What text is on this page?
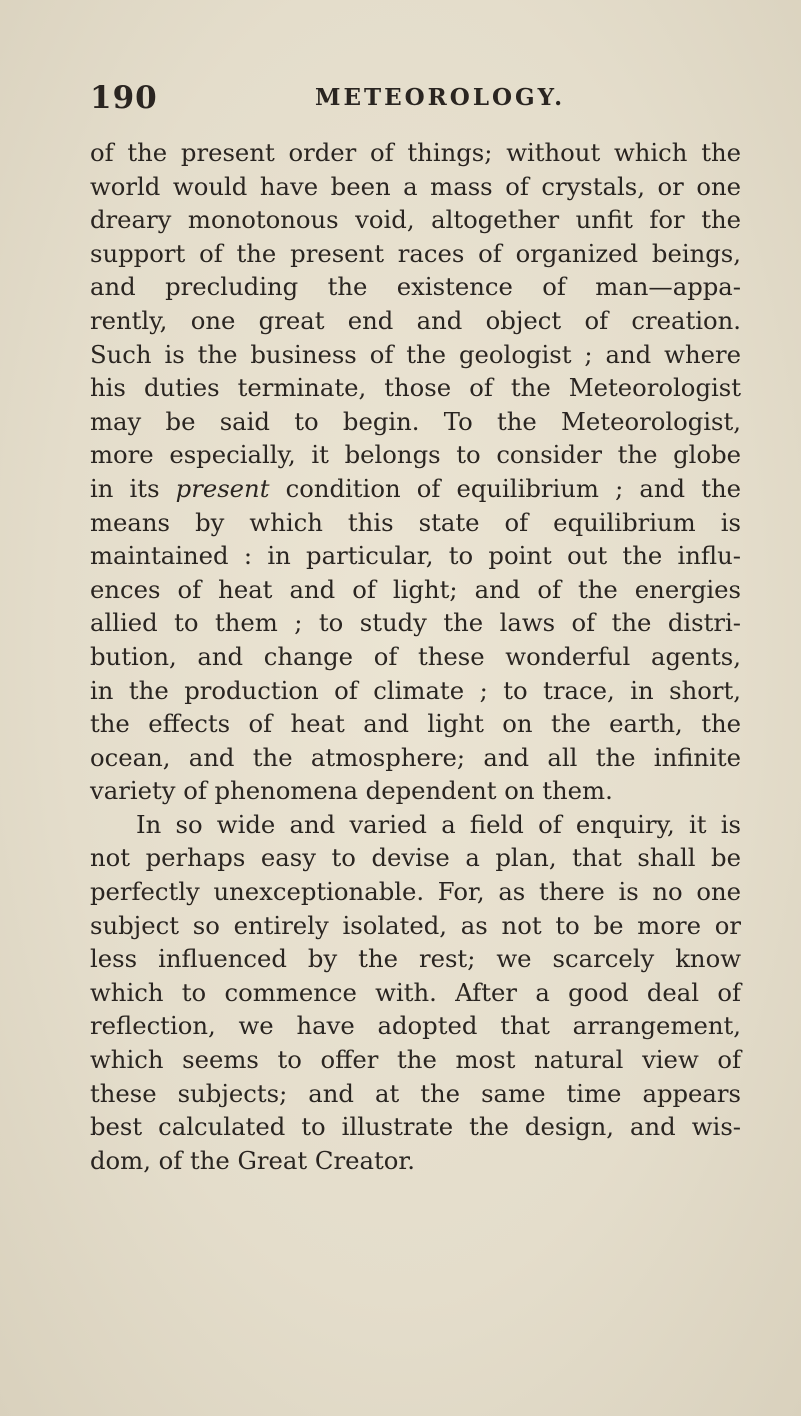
190	METEOROLOGY.
of the present order of things; without which the
world would have been a mass of crystals, or one
dreary monotonous void, altogether unfit for the
support of the present races of organized beings,
and precluding the existence of man—appa-
rently, one great end and object of creation.
Such is the business of the geologist ; and where
his duties terminate, those of the Meteorologist
may be said to begin. To the Meteorologist,
more especially, it belongs to consider the globe
in its present condition of equilibrium ; and the
means by which this state of equilibrium is
maintained : in particular, to point out the influ-
ences of heat and of light; and of the energies
allied to them ; to study the laws of the distri-
bution, and change of these wonderful agents,
in the production of climate ; to trace, in short,
the effects of heat and light on the earth, the
ocean, and the atmosphere; and all the infinite
variety of phenomena dependent on them.
In so wide and varied a field of enquiry, it is
not perhaps easy to devise a plan, that shall be
perfectly unexceptionable. For, as there is no one
subject so entirely isolated, as not to be more or
less influenced by the rest; we scarcely know
which to commence with. After a good deal of
reflection, we have adopted that arrangement,
which seems to offer the most natural view of
these subjects; and at the same time appears
best calculated to illustrate the design, and wis-
dom, of the Great Creator.
